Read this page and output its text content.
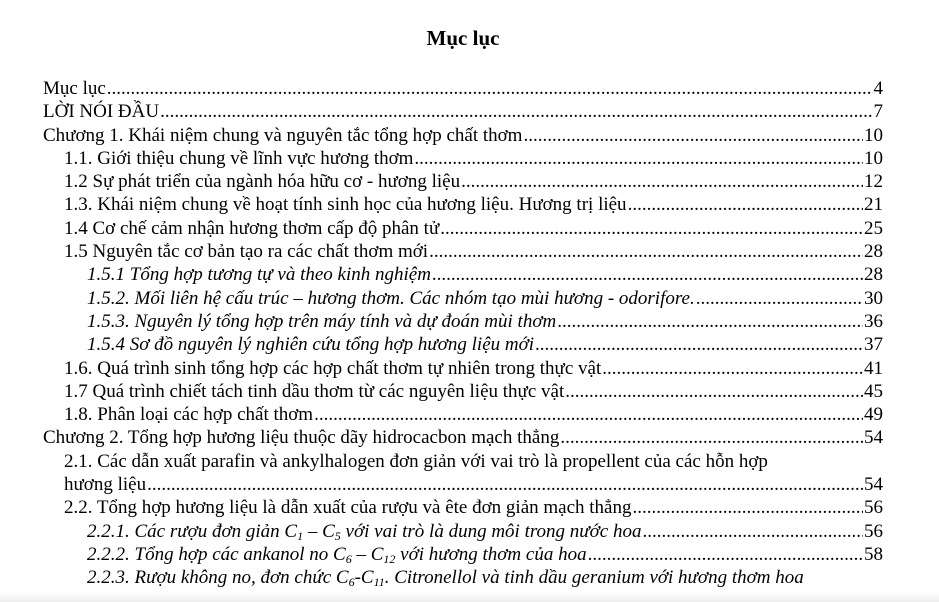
Mục lục
Mục lục .....	4
LỜI NÓI ĐẦU .....	7
Chương 1. Khái niệm chung và nguyên tắc tổng hợp chất thơm .....	10
1.1. Giới thiệu chung về lĩnh vực hương thơm .....	10
1.2 Sự phát triển của ngành hóa hữu cơ - hương liệu .....	12
1.3. Khái niệm chung về hoạt tính sinh học của hương liệu. Hương trị liệu .....	21
1.4 Cơ chế cảm nhận hương thơm cấp độ phân tử .....	25
1.5 Nguyên tắc cơ bản tạo ra các chất thơm mới .....	28
1.5.1 Tổng hợp tương tự và theo kinh nghiệm .....	28
1.5.2. Mối liên hệ cấu trúc – hương thơm. Các nhóm tạo mùi hương - odorifore. .....	30
1.5.3. Nguyên lý tổng hợp trên máy tính và dự đoán mùi thơm .....	36
1.5.4 Sơ đồ nguyên lý nghiên cứu tổng hợp hương liệu mới .....	37
1.6. Quá trình sinh tổng hợp các hợp chất thơm tự nhiên trong thực vật .....	41
1.7 Quá trình chiết tách tinh dầu thơm từ các nguyên liệu thực vật .....	45
1.8. Phân loại các hợp chất thơm .....	49
Chương 2. Tổng hợp hương liệu thuộc dãy hidrocacbon mạch thẳng .....	54
2.1. Các dẫn xuất parafin và ankylhalogen đơn giản với vai trò là propellent của các hỗn hợp
hương liệu .....	54
2.2. Tổng hợp hương liệu là dẫn xuất của rượu và ête đơn giản mạch thẳng .....	56
2.2.1. Các rượu đơn giản $C_1 - C_5$ với vai trò là dung môi trong nước hoa .....	56
2.2.2. Tổng hợp các ankanol no $C_6 - C_{12}$ với hương thơm của hoa .....	58
2.2.3. Rượu không no, đơn chức $C_6-C_{11}$. Citronellol và tinh dầu geranium với hương thơm hoa
